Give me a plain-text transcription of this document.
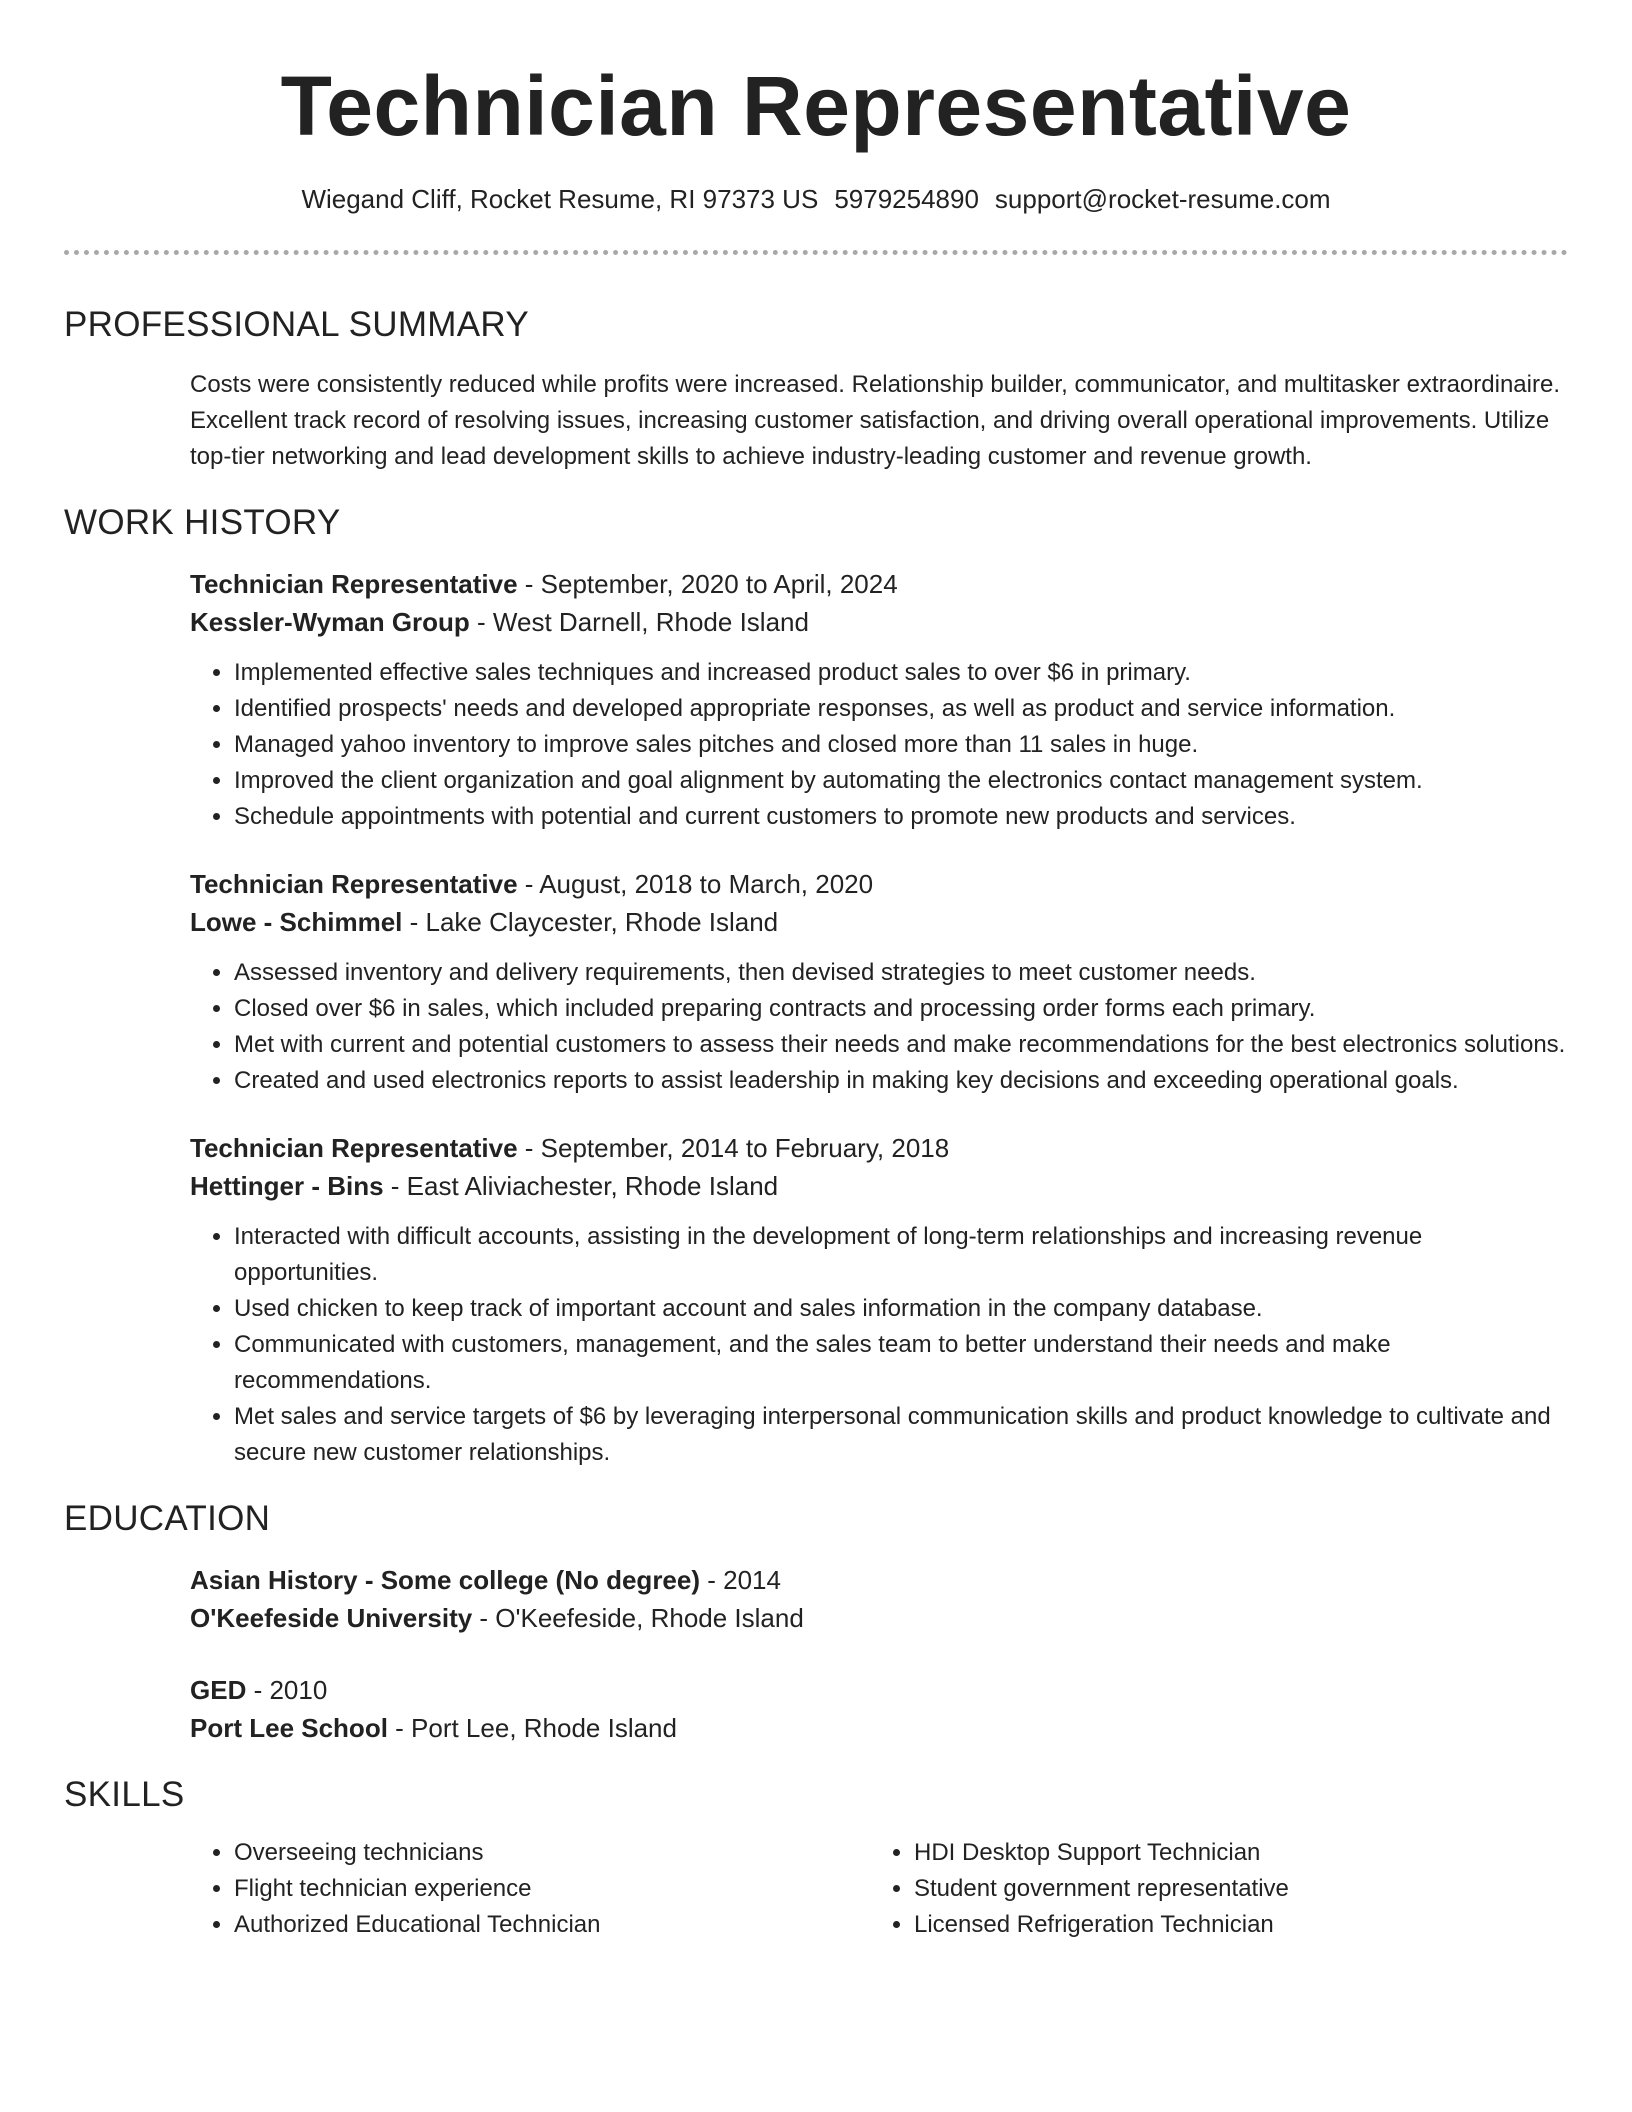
Technician Representative
Wiegand Cliff, Rocket Resume, RI 97373 US 5979254890 support@rocket-resume.com
PROFESSIONAL SUMMARY
Costs were consistently reduced while profits were increased. Relationship builder, communicator, and multitasker extraordinaire. Excellent track record of resolving issues, increasing customer satisfaction, and driving overall operational improvements. Utilize top-tier networking and lead development skills to achieve industry-leading customer and revenue growth.
WORK HISTORY
Technician Representative - September, 2020 to April, 2024
Kessler-Wyman Group - West Darnell, Rhode Island
• Implemented effective sales techniques and increased product sales to over $6 in primary.
• Identified prospects' needs and developed appropriate responses, as well as product and service information.
• Managed yahoo inventory to improve sales pitches and closed more than 11 sales in huge.
• Improved the client organization and goal alignment by automating the electronics contact management system.
• Schedule appointments with potential and current customers to promote new products and services.
Technician Representative - August, 2018 to March, 2020
Lowe - Schimmel - Lake Claycester, Rhode Island
• Assessed inventory and delivery requirements, then devised strategies to meet customer needs.
• Closed over $6 in sales, which included preparing contracts and processing order forms each primary.
• Met with current and potential customers to assess their needs and make recommendations for the best electronics solutions.
• Created and used electronics reports to assist leadership in making key decisions and exceeding operational goals.
Technician Representative - September, 2014 to February, 2018
Hettinger - Bins - East Aliviachester, Rhode Island
• Interacted with difficult accounts, assisting in the development of long-term relationships and increasing revenue opportunities.
• Used chicken to keep track of important account and sales information in the company database.
• Communicated with customers, management, and the sales team to better understand their needs and make recommendations.
• Met sales and service targets of $6 by leveraging interpersonal communication skills and product knowledge to cultivate and secure new customer relationships.
EDUCATION
Asian History - Some college (No degree) - 2014
O'Keefeside University - O'Keefeside, Rhode Island
GED - 2010
Port Lee School - Port Lee, Rhode Island
SKILLS
• Overseeing technicians
• Flight technician experience
• Authorized Educational Technician
• HDI Desktop Support Technician
• Student government representative
• Licensed Refrigeration Technician
